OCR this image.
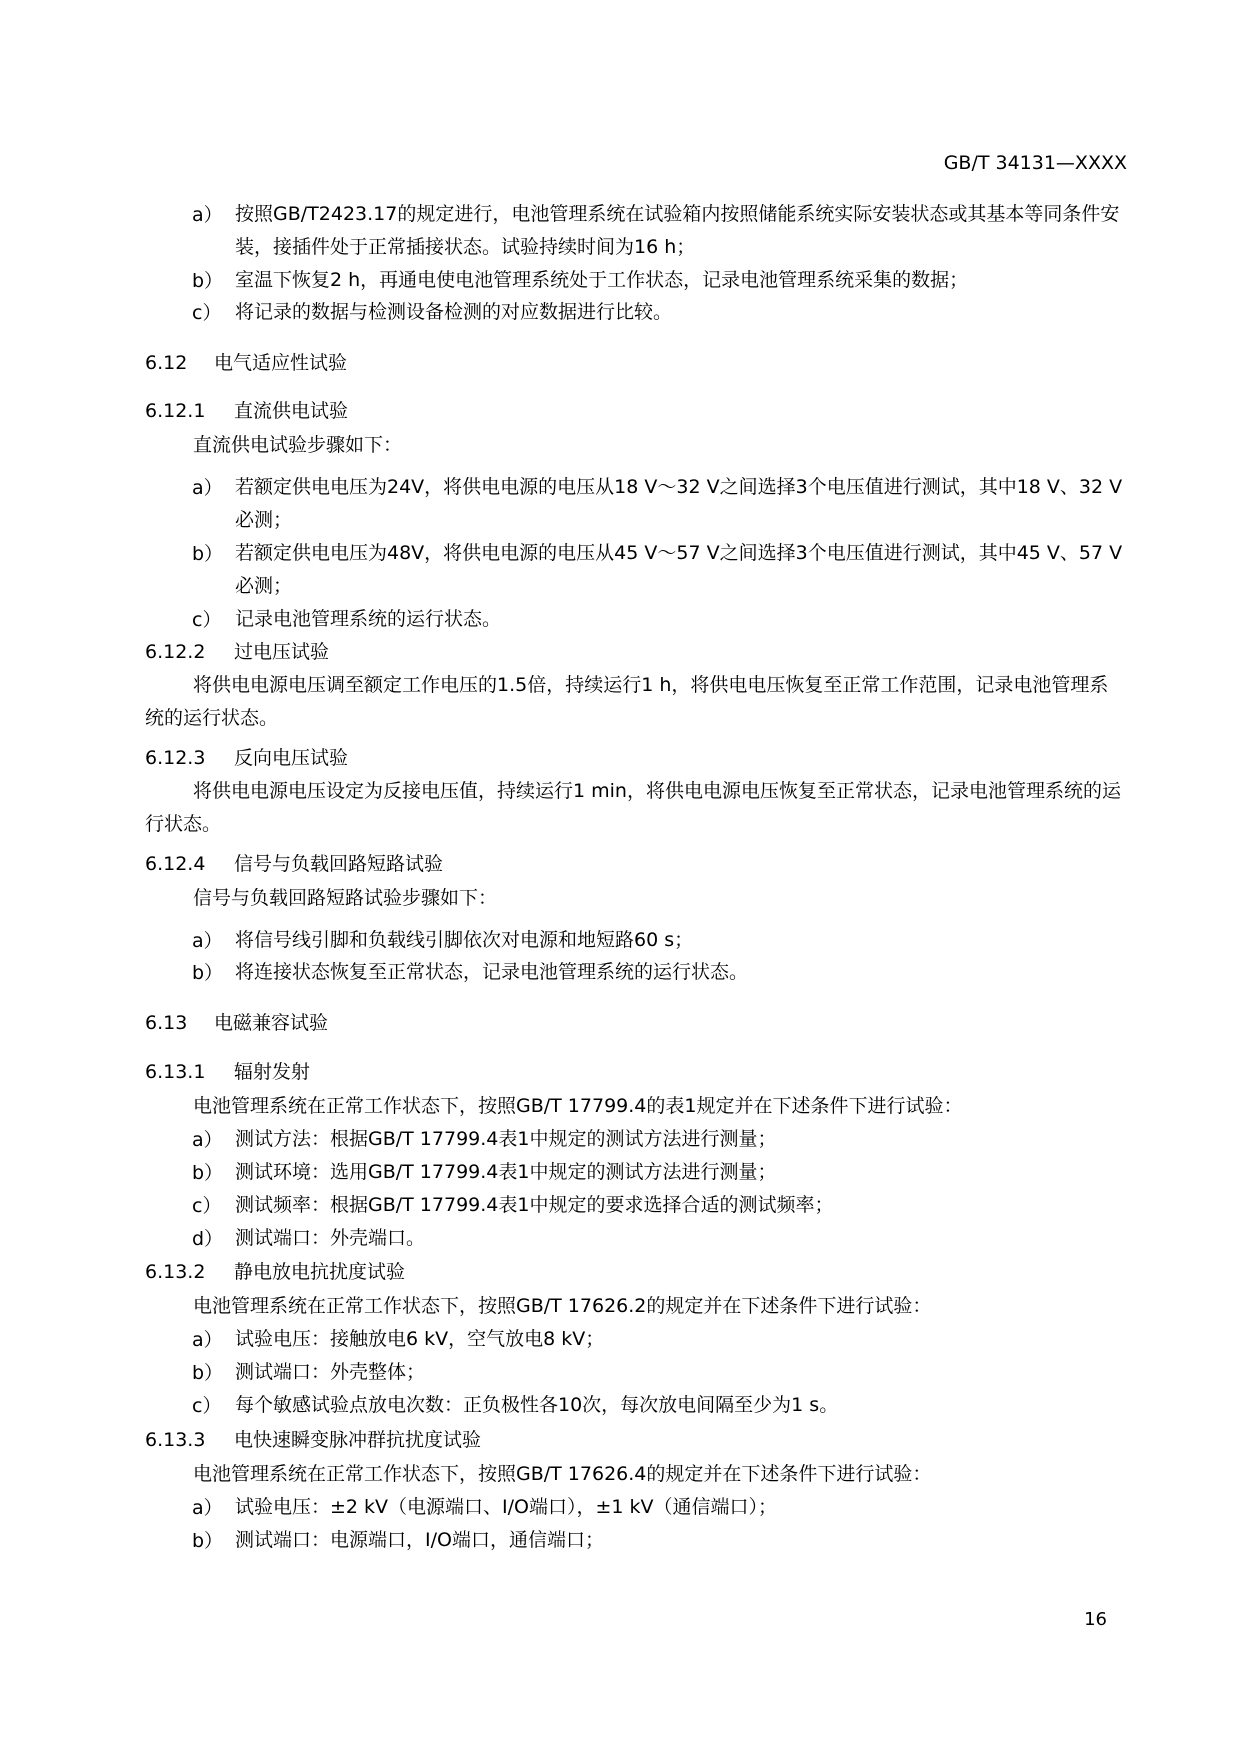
GB/T 34131—XXXX
a） 按照GB/T2423.17的规定进行，电池管理系统在试验箱内按照储能系统实际安装状态或其基本等同条件安装，接插件处于正常插接状态。试验持续时间为16 h；
b） 室温下恢复2 h，再通电使电池管理系统处于工作状态，记录电池管理系统采集的数据；
c） 将记录的数据与检测设备检测的对应数据进行比较。
6.12 电气适应性试验
6.12.1 直流供电试验
直流供电试验步骤如下：
a） 若额定供电电压为24V，将供电电源的电压从18 V～32 V之间选择3个电压值进行测试，其中18 V、32 V必测；
b） 若额定供电电压为48V，将供电电源的电压从45 V～57 V之间选择3个电压值进行测试，其中45 V、57 V必测；
c） 记录电池管理系统的运行状态。
6.12.2 过电压试验
将供电电源电压调至额定工作电压的1.5倍，持续运行1 h，将供电电压恢复至正常工作范围，记录电池管理系统的运行状态。
6.12.3 反向电压试验
将供电电源电压设定为反接电压值，持续运行1 min，将供电电源电压恢复至正常状态，记录电池管理系统的运行状态。
6.12.4 信号与负载回路短路试验
信号与负载回路短路试验步骤如下：
a） 将信号线引脚和负载线引脚依次对电源和地短路60 s；
b） 将连接状态恢复至正常状态，记录电池管理系统的运行状态。
6.13 电磁兼容试验
6.13.1 辐射发射
电池管理系统在正常工作状态下，按照GB/T 17799.4的表1规定并在下述条件下进行试验：
a） 测试方法：根据GB/T 17799.4表1中规定的测试方法进行测量；
b） 测试环境：选用GB/T 17799.4表1中规定的测试方法进行测量；
c） 测试频率：根据GB/T 17799.4表1中规定的要求选择合适的测试频率；
d） 测试端口：外壳端口。
6.13.2 静电放电抗扰度试验
电池管理系统在正常工作状态下，按照GB/T 17626.2的规定并在下述条件下进行试验：
a） 试验电压：接触放电6 kV，空气放电8 kV；
b） 测试端口：外壳整体；
c） 每个敏感试验点放电次数：正负极性各10次，每次放电间隔至少为1 s。
6.13.3 电快速瞬变脉冲群抗扰度试验
电池管理系统在正常工作状态下，按照GB/T 17626.4的规定并在下述条件下进行试验：
a） 试验电压：±2 kV（电源端口、I/O端口），±1 kV（通信端口）；
b） 测试端口：电源端口，I/O端口，通信端口；
16
